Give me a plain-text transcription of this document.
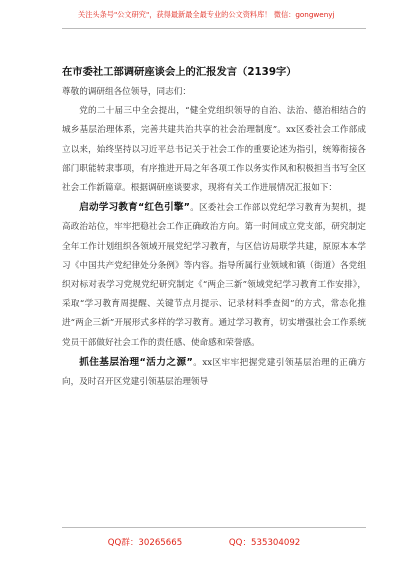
关注头条号"公文研究"，获得最新最全最专业的公文资料库！ 微信：gongwenyj
在市委社工部调研座谈会上的汇报发言（2139字）

尊敬的调研组各位领导，同志们：

党的二十届三中全会提出，“健全党组织领导的自治、法治、德治相结合的城乡基层治理体系，完善共建共治共享的社会治理制度”。xx区委社会工作部成立以来，始终坚持以习近平总书记关于社会工作的重要论述为指引，统筹衔接各部门职能转隶事项，有序推进开局之年各项工作以务实作风和积极担当书写全区社会工作新篇章。根据调研座谈要求，现将有关工作进展情况汇报如下：

启动学习教育“红色引擎”。区委社会工作部以党纪学习教育为契机，提高政治站位，牢牢把稳社会工作正确政治方向。第一时间成立党支部，研究制定全年工作计划组织各领域开展党纪学习教育，与区信访局联学共建，原原本本学习《中国共产党纪律处分条例》等内容。指导所属行业领域和镇（街道）各党组织对标对表学习党规党纪研究制定《“两企三新”领域党纪学习教育工作安排》，采取“学习教育周提醒、关键节点月提示、记录材料季查阅”的方式，常态化推进“两企三新”开展形式多样的学习教育。通过学习教育，切实增强社会工作系统党员干部做好社会工作的责任感、使命感和荣誉感。

抓住基层治理“活力之源”。xx区牢牢把握党建引领基层治理的正确方向，及时召开区党建引领基层治理领导

QQ群：30265665	QQ：535304092
